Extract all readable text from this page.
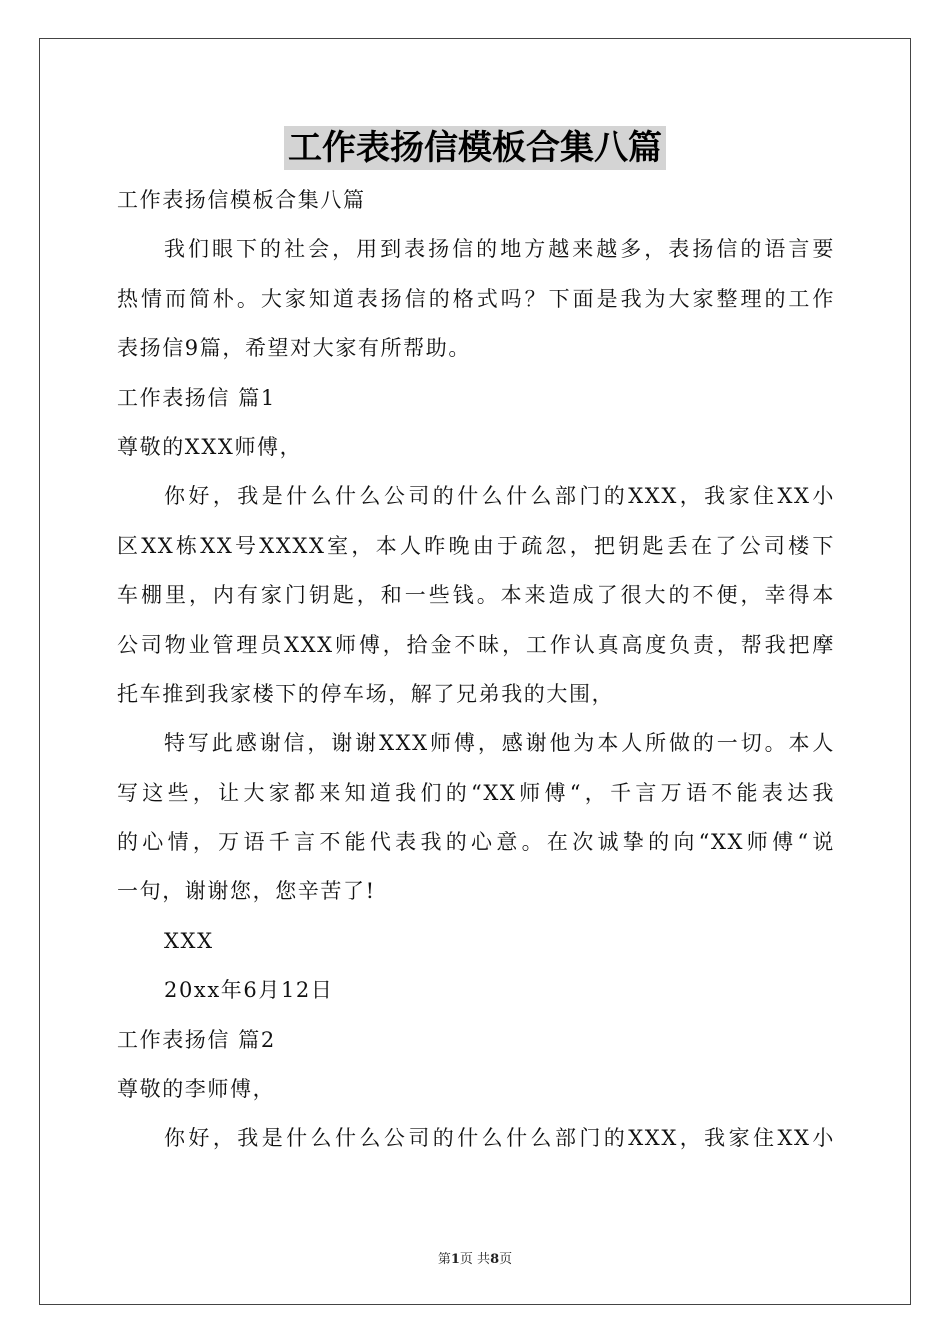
工作表扬信模板合集八篇
工作表扬信模板合集八篇
我们眼下的社会，用到表扬信的地方越来越多，表扬信的语言要
热情而简朴。大家知道表扬信的格式吗？下面是我为大家整理的工作
表扬信9篇，希望对大家有所帮助。
工作表扬信 篇1
尊敬的XXX师傅，
你好，我是什么什么公司的什么什么部门的XXX，我家住XX小
区XX栋XX号XXXX室，本人昨晚由于疏忽，把钥匙丢在了公司楼下
车棚里，内有家门钥匙，和一些钱。本来造成了很大的不便，幸得本
公司物业管理员XXX师傅，拾金不昧，工作认真高度负责，帮我把摩
托车推到我家楼下的停车场，解了兄弟我的大围，
特写此感谢信，谢谢XXX师傅，感谢他为本人所做的一切。本人
写这些，让大家都来知道我们的“XX师傅“，千言万语不能表达我
的心情，万语千言不能代表我的心意。在次诚挚的向“XX师傅“说
一句，谢谢您，您辛苦了!
XXX
20xx年6月12日
工作表扬信 篇2
尊敬的李师傅，
你好，我是什么什么公司的什么什么部门的XXX，我家住XX小
第1页 共8页
